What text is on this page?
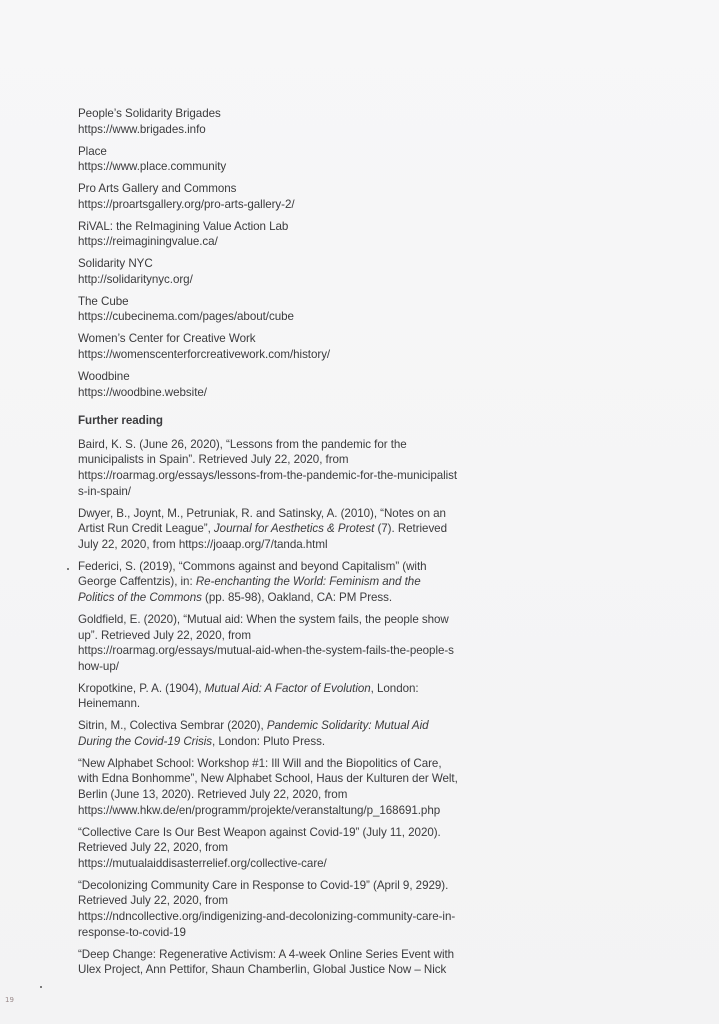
People’s Solidarity Brigades
https://www.brigades.info
Place
https://www.place.community
Pro Arts Gallery and Commons
https://proartsgallery.org/pro-arts-gallery-2/
RiVAL: the ReImagining Value Action Lab
https://reimaginingvalue.ca/
Solidarity NYC
http://solidaritynyc.org/
The Cube
https://cubecinema.com/pages/about/cube
Women’s Center for Creative Work
https://womenscenterforcreativework.com/history/
Woodbine
https://woodbine.website/
Further reading
Baird, K. S. (June 26, 2020), “Lessons from the pandemic for the
municipalists in Spain”. Retrieved July 22, 2020, from
https://roarmag.org/essays/lessons-from-the-pandemic-for-the-municipalist
s-in-spain/
Dwyer, B., Joynt, M., Petruniak, R. and Satinsky, A. (2010), “Notes on an
Artist Run Credit League”, Journal for Aesthetics & Protest (7). Retrieved
July 22, 2020, from https://joaap.org/7/tanda.html
Federici, S. (2019), “Commons against and beyond Capitalism” (with
George Caffentzis), in: Re-enchanting the World: Feminism and the
Politics of the Commons (pp. 85-98), Oakland, CA: PM Press.
Goldfield, E. (2020), “Mutual aid: When the system fails, the people show
up”. Retrieved July 22, 2020, from
https://roarmag.org/essays/mutual-aid-when-the-system-fails-the-people-s
how-up/
Kropotkine, P. A. (1904), Mutual Aid: A Factor of Evolution, London:
Heinemann.
Sitrin, M., Colectiva Sembrar (2020), Pandemic Solidarity: Mutual Aid
During the Covid-19 Crisis, London: Pluto Press.
“New Alphabet School: Workshop #1: Ill Will and the Biopolitics of Care,
with Edna Bonhomme”, New Alphabet School, Haus der Kulturen der Welt,
Berlin (June 13, 2020). Retrieved July 22, 2020, from
https://www.hkw.de/en/programm/projekte/veranstaltung/p_168691.php
“Collective Care Is Our Best Weapon against Covid-19” (July 11, 2020).
Retrieved July 22, 2020, from
https://mutualaiddisasterrelief.org/collective-care/
“Decolonizing Community Care in Response to Covid-19” (April 9, 2929).
Retrieved July 22, 2020, from
https://ndncollective.org/indigenizing-and-decolonizing-community-care-in-
response-to-covid-19
“Deep Change: Regenerative Activism: A 4-week Online Series Event with
Ulex Project, Ann Pettifor, Shaun Chamberlin, Global Justice Now – Nick
19
